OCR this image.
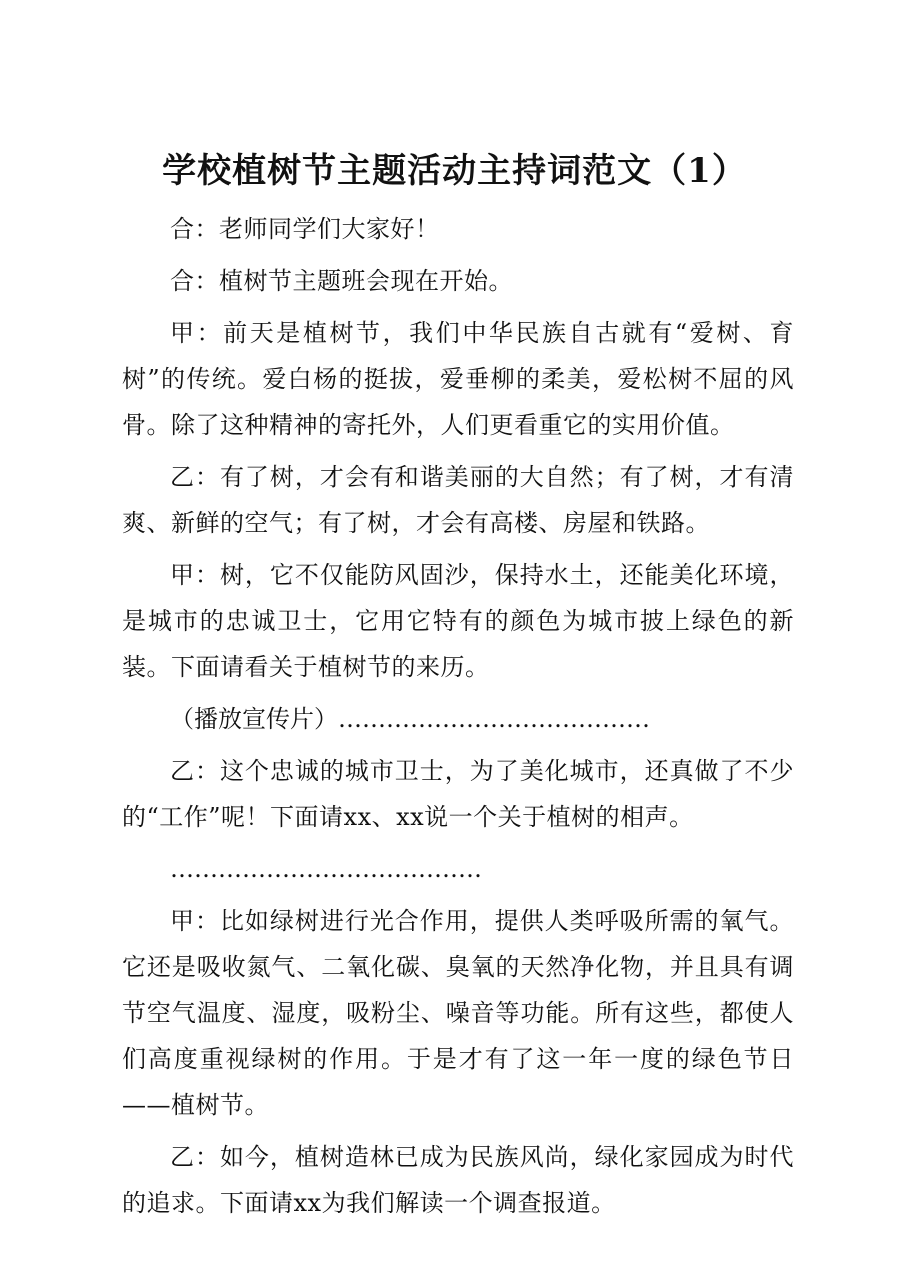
学校植树节主题活动主持词范文（1）

合：老师同学们大家好！

合：植树节主题班会现在开始。

甲：前天是植树节，我们中华民族自古就有“爱树、育树”的传统。爱白杨的挺拔，爱垂柳的柔美，爱松树不屈的风骨。除了这种精神的寄托外，人们更看重它的实用价值。

乙：有了树，才会有和谐美丽的大自然；有了树，才有清爽、新鲜的空气；有了树，才会有高楼、房屋和铁路。

甲：树，它不仅能防风固沙，保持水土，还能美化环境，是城市的忠诚卫士，它用它特有的颜色为城市披上绿色的新装。下面请看关于植树节的来历。

（播放宣传片）…………………………………

乙：这个忠诚的城市卫士，为了美化城市，还真做了不少的“工作”呢！下面请xx、xx说一个关于植树的相声。

…………………………………

甲：比如绿树进行光合作用，提供人类呼吸所需的氧气。它还是吸收氮气、二氧化碳、臭氧的天然净化物，并且具有调节空气温度、湿度，吸粉尘、噪音等功能。所有这些，都使人们高度重视绿树的作用。于是才有了这一年一度的绿色节日——植树节。

乙：如今，植树造林已成为民族风尚，绿化家园成为时代的追求。下面请xx为我们解读一个调查报道。
